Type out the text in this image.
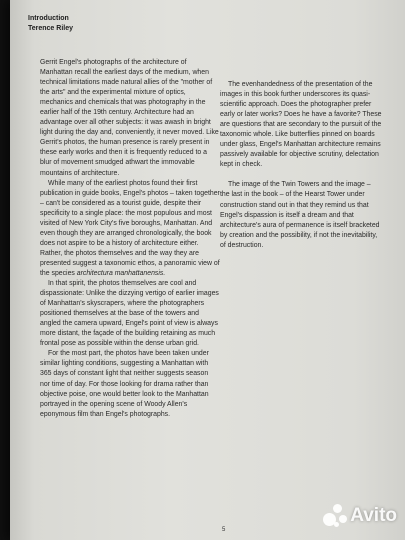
Introduction
Terence Riley

Gerrit Engel's photographs of the architecture of Manhattan recall the earliest days of the medium, when technical limitations made natural allies of the "mother of the arts" and the experimental mixture of optics, mechanics and chemicals that was photography in the earlier half of the 19th century. Architecture had an advantage over all other subjects: it was awash in bright light during the day and, conveniently, it never moved. Like Gerrit's photos, the human presence is rarely present in these early works and then it is frequently reduced to a blur of movement smudged athwart the immovable mountains of architecture.

While many of the earliest photos found their first publication in guide books, Engel's photos – taken together – can't be considered as a tourist guide, despite their specificity to a single place: the most populous and most visited of New York City's five boroughs, Manhattan. And even though they are arranged chronologically, the book does not aspire to be a history of architecture either. Rather, the photos themselves and the way they are presented suggest a taxonomic ethos, a panoramic view of the species architectura manhattanensis.

In that spirit, the photos themselves are cool and dispassionate: Unlike the dizzying vertigo of earlier images of Manhattan's skyscrapers, where the photographers positioned themselves at the base of the towers and angled the camera upward, Engel's point of view is always more distant, the façade of the building retaining as much frontal pose as possible within the dense urban grid.

For the most part, the photos have been taken under similar lighting conditions, suggesting a Manhattan with 365 days of constant light that neither suggests season nor time of day. For those looking for drama rather than objective poise, one would better look to the Manhattan portrayed in the opening scene of Woody Allen's eponymous film than Engel's photographs.

The evenhandedness of the presentation of the images in this book further underscores its quasi-scientific approach. Does the photographer prefer early or later works? Does he have a favorite? These are questions that are secondary to the pursuit of the taxonomic whole. Like butterflies pinned on boards under glass, Engel's Manhattan architecture remains passively available for objective scrutiny, delectation kept in check.

The image of the Twin Towers and the image – the last in the book – of the Hearst Tower under construction stand out in that they remind us that Engel's dispassion is itself a dream and that architecture's aura of permanence is itself bracketed by creation and the possibility, if not the inevitability, of destruction.

5
Avito
